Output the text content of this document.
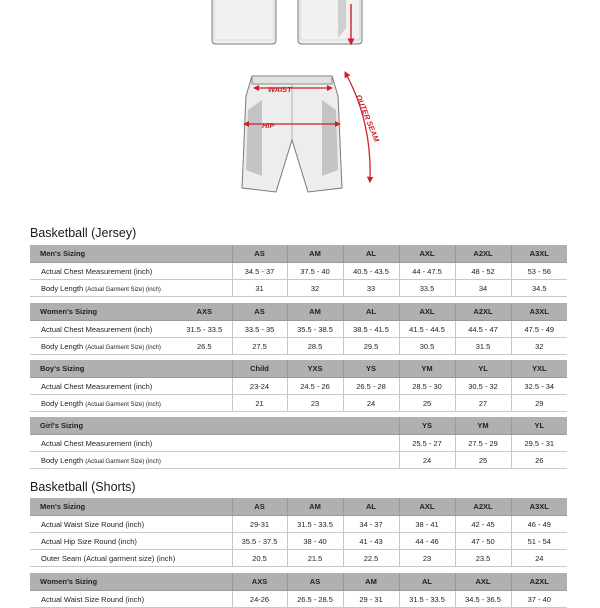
WAIST
HIP	OUTER SEAM
Basketball (Jersey)
Men's Sizing		AS	AM	AL	AXL	A2XL	A3XL
Actual Chest Measurement (inch)		34.5 - 37	37.5 - 40	40.5 - 43.5	44 - 47.5	48 - 52	53 - 56
Body Length (Actual Garment Size) (inch)		31	32	33	33.5	34	34.5
Women's Sizing	AXS	AS	AM	AL	AXL	A2XL	A3XL
Actual Chest Measurement (inch)	31.5 - 33.5	33.5 - 35	35.5 - 38.5	38.5 - 41.5	41.5 - 44.5	44.5 - 47	47.5 - 49
Body Length (Actual Garment Size) (inch)	26.5	27.5	28.5	29.5	30.5	31.5	32
Boy's Sizing		Child	YXS	YS	YM	YL	YXL
Actual Chest Measurement (inch)		23-24	24.5 - 26	26.5 - 28	28.5 - 30	30.5 - 32	32.5 - 34
Body Length (Actual Garment Size) (inch)		21	23	24	25	27	29
Girl's Sizing					YS	YM	YL
Actual Chest Measurement (inch)					25.5 - 27	27.5 - 29	29.5 - 31
Body Length (Actual Garment Size) (inch)					24	25	26
Basketball (Shorts)
Men's Sizing		AS	AM	AL	AXL	A2XL	A3XL
Actual Waist Size Round (inch)		29-31	31.5 - 33.5	34 - 37	38 - 41	42 - 45	46 - 49
Actual Hip Size Round (inch)		35.5 - 37.5	38 - 40	41 - 43	44 - 46	47 - 50	51 - 54
Outer Seam (Actual garment size) (inch)		20.5	21.5	22.5	23	23.5	24
Women's Sizing		AXS	AS	AM	AL	AXL	A2XL
Actual Waist Size Round (inch)		24-26	26.5 - 28.5	29 - 31	31.5 - 33.5	34.5 - 36.5	37 - 40
